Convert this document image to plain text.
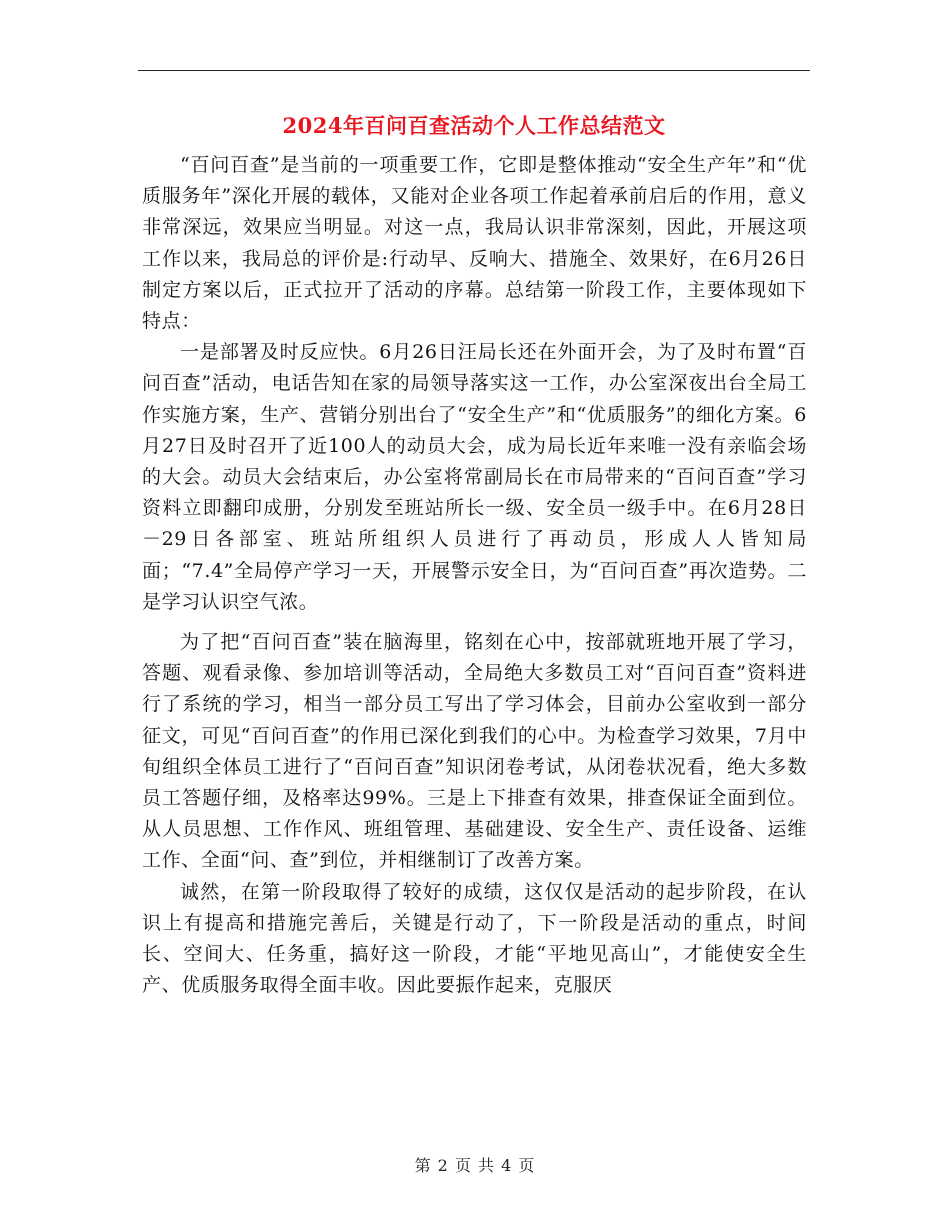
2024年百问百查活动个人工作总结范文

“百问百查”是当前的一项重要工作，它即是整体推动“安全生产年”和“优质服务年”深化开展的载体，又能对企业各项工作起着承前启后的作用，意义非常深远，效果应当明显。对这一点，我局认识非常深刻，因此，开展这项工作以来，我局总的评价是:行动早、反响大、措施全、效果好，在6月26日制定方案以后，正式拉开了活动的序幕。总结第一阶段工作，主要体现如下特点：

一是部署及时反应快。6月26日汪局长还在外面开会，为了及时布置“百问百查”活动，电话告知在家的局领导落实这一工作，办公室深夜出台全局工作实施方案，生产、营销分别出台了“安全生产”和“优质服务”的细化方案。6月27日及时召开了近100人的动员大会，成为局长近年来唯一没有亲临会场的大会。动员大会结束后，办公室将常副局长在市局带来的“百问百查”学习资料立即翻印成册，分别发至班站所长一级、安全员一级手中。在6月28日－29日各部室、班站所组织人员进行了再动员，形成人人皆知局面；“7.4”全局停产学习一天，开展警示安全日，为“百问百查”再次造势。二是学习认识空气浓。

为了把“百问百查”装在脑海里，铭刻在心中，按部就班地开展了学习，答题、观看录像、参加培训等活动，全局绝大多数员工对“百问百查”资料进行了系统的学习，相当一部分员工写出了学习体会，目前办公室收到一部分征文，可见“百问百查”的作用已深化到我们的心中。为检查学习效果，7月中旬组织全体员工进行了“百问百查”知识闭卷考试，从闭卷状况看，绝大多数员工答题仔细，及格率达99%。三是上下排查有效果，排查保证全面到位。从人员思想、工作作风、班组管理、基础建设、安全生产、责任设备、运维工作、全面“问、查”到位，并相继制订了改善方案。

诚然，在第一阶段取得了较好的成绩，这仅仅是活动的起步阶段，在认识上有提高和措施完善后，关键是行动了，下一阶段是活动的重点，时间长、空间大、任务重，搞好这一阶段，才能“平地见高山”，才能使安全生产、优质服务取得全面丰收。因此要振作起来，克服厌

第 2 页 共 4 页
